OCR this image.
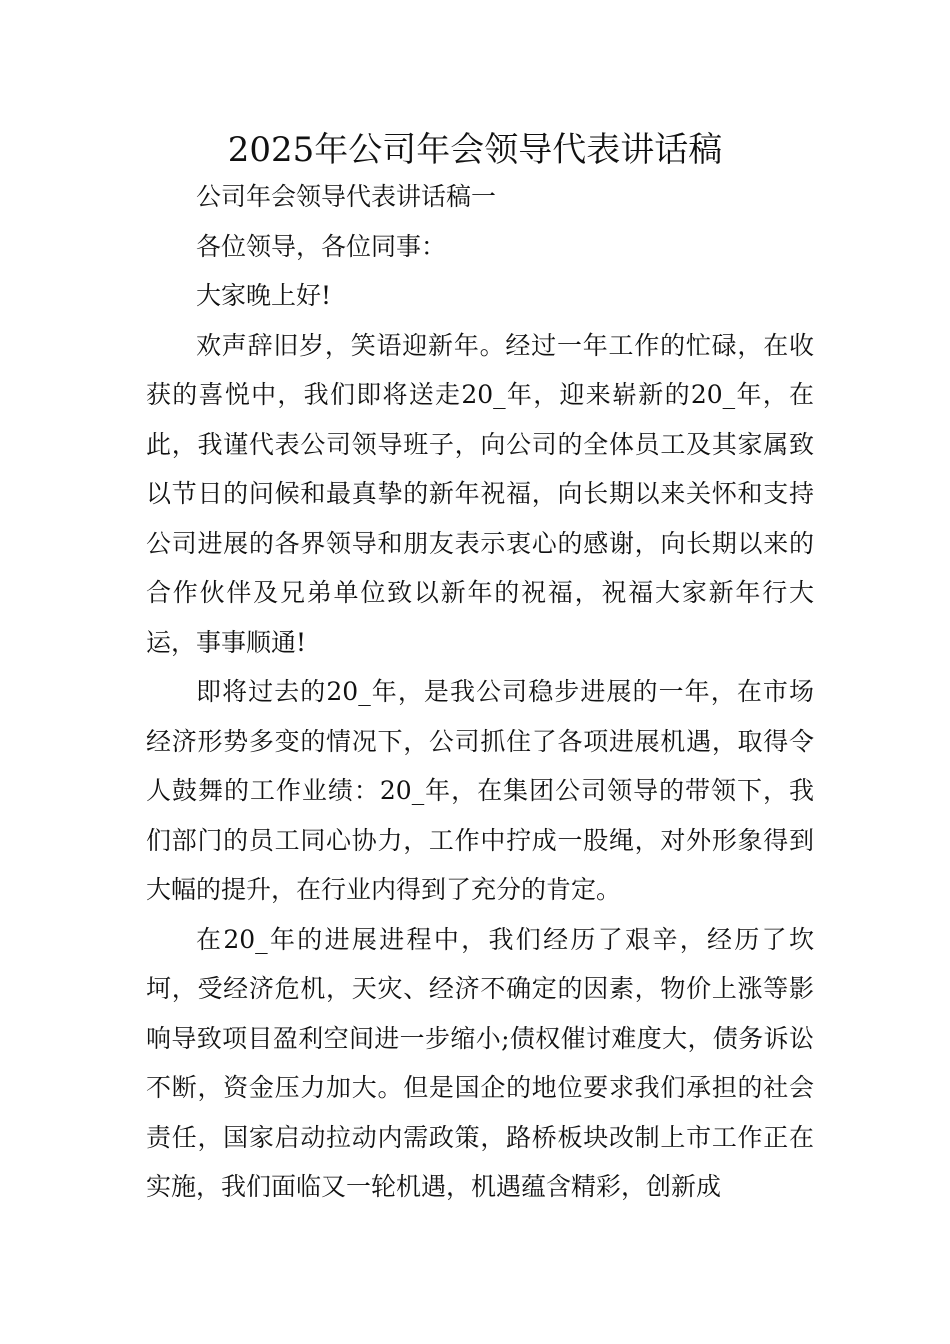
2025年公司年会领导代表讲话稿

公司年会领导代表讲话稿一

各位领导，各位同事：

大家晚上好!

欢声辞旧岁，笑语迎新年。经过一年工作的忙碌，在收获的喜悦中，我们即将送走20_年，迎来崭新的20_年，在此，我谨代表公司领导班子，向公司的全体员工及其家属致以节日的问候和最真挚的新年祝福，向长期以来关怀和支持公司进展的各界领导和朋友表示衷心的感谢，向长期以来的合作伙伴及兄弟单位致以新年的祝福，祝福大家新年行大运，事事顺通!

即将过去的20_年，是我公司稳步进展的一年，在市场经济形势多变的情况下，公司抓住了各项进展机遇，取得令人鼓舞的工作业绩：20_年，在集团公司领导的带领下，我们部门的员工同心协力，工作中拧成一股绳，对外形象得到大幅的提升，在行业内得到了充分的肯定。

在20_年的进展进程中，我们经历了艰辛，经历了坎坷，受经济危机，天灾、经济不确定的因素，物价上涨等影响导致项目盈利空间进一步缩小;债权催讨难度大，债务诉讼不断，资金压力加大。但是国企的地位要求我们承担的社会责任，国家启动拉动内需政策，路桥板块改制上市工作正在实施，我们面临又一轮机遇，机遇蕴含精彩，创新成
